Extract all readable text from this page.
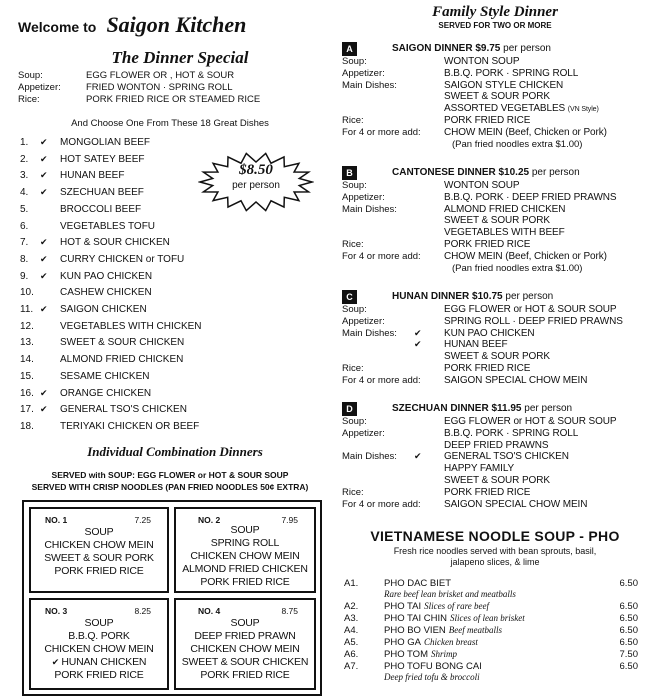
Welcome to Saigon Kitchen
The Dinner Special
Soup:	EGG FLOWER OR , HOT & SOUR
Appetizer:	FRIED WONTON · SPRING ROLL
Rice:	PORK FRIED RICE OR STEAMED RICE
And Choose One From These 18 Great Dishes
1.	✔ MONGOLIAN BEEF
2.	✔ HOT SATEY BEEF
3.	✔ HUNAN BEEF
4.	✔ SZECHUAN BEEF
5.	BROCCOLI BEEF
6.	VEGETABLES TOFU
7.	✔ HOT & SOUR CHICKEN
8.	✔ CURRY CHICKEN or TOFU
9.	✔ KUN PAO CHICKEN
10.	CASHEW CHICKEN
11. ✔ SAIGON CHICKEN
12.	VEGETABLES WITH CHICKEN
13.	SWEET & SOUR CHICKEN
14.	ALMOND FRIED CHICKEN
15.	SESAME CHICKEN
16. ✔ ORANGE CHICKEN
17. ✔ GENERAL TSO'S CHICKEN
18.	TERIYAKI CHICKEN OR BEEF
$8.50
per person
Individual Combination Dinners
SERVED with SOUP: EGG FLOWER or HOT & SOUR SOUP
SERVED WITH CRISP NOODLES (PAN FRIED NOODLES 50¢ EXTRA)
NO. 1	7.25
SOUP
CHICKEN CHOW MEIN
SWEET & SOUR PORK
PORK FRIED RICE
NO. 2	7.95
SOUP
SPRING ROLL
CHICKEN CHOW MEIN
ALMOND FRIED CHICKEN
PORK FRIED RICE
NO. 3	8.25
SOUP
B.B.Q. PORK
CHICKEN CHOW MEIN
✔ HUNAN CHICKEN
PORK FRIED RICE
NO. 4	8.75
SOUP
DEEP FRIED PRAWN
CHICKEN CHOW MEIN
SWEET & SOUR CHICKEN
PORK FRIED RICE
Family Style Dinner
SERVED FOR TWO OR MORE
A	SAIGON DINNER $9.75 per person
Soup:	WONTON SOUP
Appetizer:	B.B.Q. PORK · SPRING ROLL
Main Dishes:	SAIGON STYLE CHICKEN
SWEET & SOUR PORK
ASSORTED VEGETABLES (VN Style)
Rice:	PORK FRIED RICE
For 4 or more add: CHOW MEIN (Beef, Chicken or Pork)
(Pan fried noodles extra $1.00)
B	CANTONESE DINNER $10.25 per person
Soup:	WONTON SOUP
Appetizer:	B.B.Q. PORK · DEEP FRIED PRAWNS
Main Dishes:	ALMOND FRIED CHICKEN
SWEET & SOUR PORK
VEGETABLES WITH BEEF
Rice:	PORK FRIED RICE
For 4 or more add: CHOW MEIN (Beef, Chicken or Pork)
(Pan fried noodles extra $1.00)
C	HUNAN DINNER $10.75 per person
Soup:	EGG FLOWER or HOT & SOUR SOUP
Appetizer:	SPRING ROLL · DEEP FRIED PRAWNS
Main Dishes: ✔ KUN PAO CHICKEN
✔ HUNAN BEEF
SWEET & SOUR PORK
Rice:	PORK FRIED RICE
For 4 or more add: SAIGON SPECIAL CHOW MEIN
D	SZECHUAN DINNER $11.95 per person
Soup:	EGG FLOWER or HOT & SOUR SOUP
Appetizer:	B.B.Q. PORK · SPRING ROLL
DEEP FRIED PRAWNS
Main Dishes: ✔ GENERAL TSO'S CHICKEN
HAPPY FAMILY
SWEET & SOUR PORK
Rice:	PORK FRIED RICE
For 4 or more add: SAIGON SPECIAL CHOW MEIN
VIETNAMESE NOODLE SOUP - PHO
Fresh rice noodles served with bean sprouts, basil,
jalapeno slices, & lime
A1.	PHO DAC BIET	6.50
Rare beef lean brisket and meatballs
A2.	PHO TAI Slices of rare beef	6.50
A3.	PHO TAI CHIN Slices of lean brisket	6.50
A4.	PHO BO VIEN Beef meatballs	6.50
A5.	PHO GA Chicken breast	6.50
A6.	PHO TOM Shrimp	7.50
A7.	PHO TOFU BONG CAI	6.50
Deep fried tofu & broccoli
